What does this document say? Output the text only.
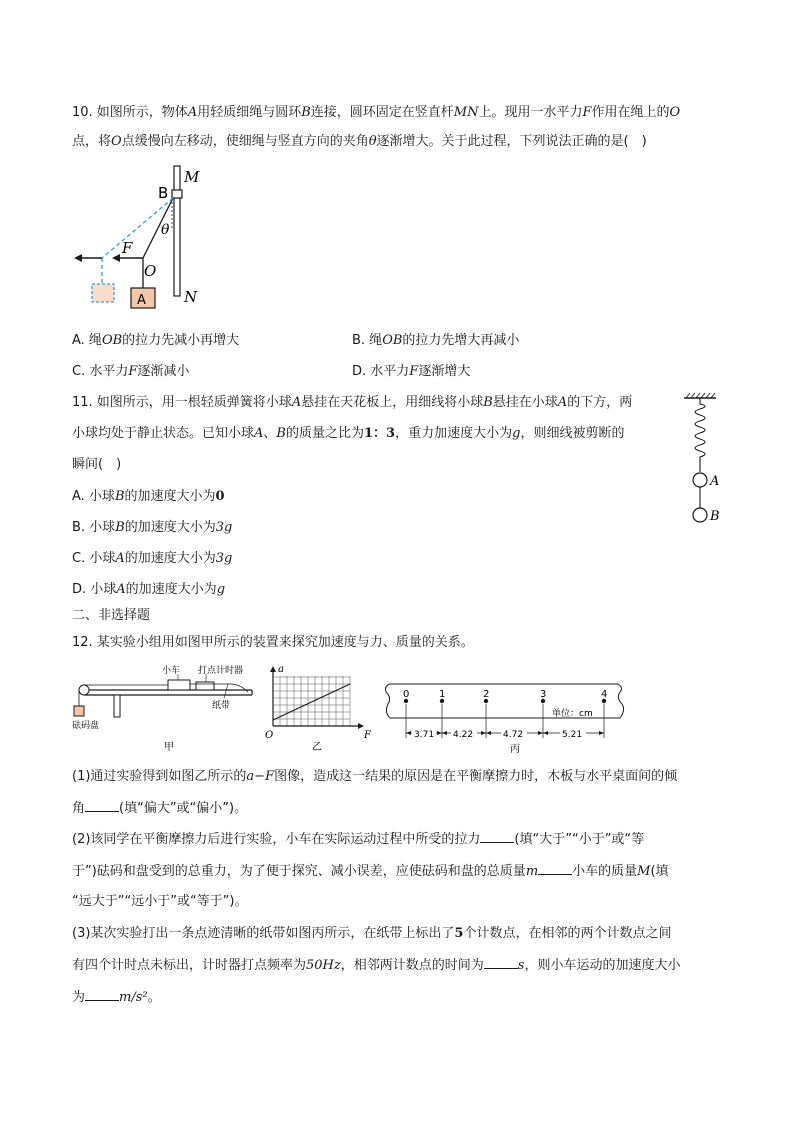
10. 如图所示，物体A用轻质细绳与圆环B连接，圆环固定在竖直杆MN上。现用一水平力F作用在绳上的O
点，将O点缓慢向左移动，使细绳与竖直方向的夹角θ逐渐增大。关于此过程，下列说法正确的是(　)
B
M
N
θ
F
O
A
A. 绳OB的拉力先减小再增大	B. 绳OB的拉力先增大再减小
C. 水平力F逐渐减小	D. 水平力F逐渐增大
11. 如图所示，用一根轻质弹簧将小球A悬挂在天花板上，用细线将小球B悬挂在小球A的下方，两
小球均处于静止状态。已知小球A、B的质量之比为1：3，重力加速度大小为g，则细线被剪断的
瞬间(　)
A
B
A. 小球B的加速度大小为0
B. 小球B的加速度大小为3g
C. 小球A的加速度大小为3g
D. 小球A的加速度大小为g
二、非选择题
12. 某实验小组用如图甲所示的装置来探究加速度与力、质量的关系。
小车 打点计时器
纸带
砝码盘
甲
a
F
O
乙
0	1	2	3	4
单位：cm
3.71 4.22	4.72	5.21
丙
(1)通过实验得到如图乙所示的a−F图像，造成这一结果的原因是在平衡摩擦力时，木板与水平桌面间的倾
角	(填“偏大”或“偏小”)。
(2)该同学在平衡摩擦力后进行实验，小车在实际运动过程中所受的拉力	(填“大于”“小于”或“等
于”)砝码和盘受到的总重力，为了便于探究、减小误差，应使砝码和盘的总质量m	小车的质量M(填
“远大于”“远小于”或“等于”)。
(3)某次实验打出一条点迹清晰的纸带如图丙所示，在纸带上标出了5个计数点，在相邻的两个计数点之间
有四个计时点未标出，计时器打点频率为50Hz，相邻两计数点的时间为	s，则小车运动的加速度大小
为	m/s²。
